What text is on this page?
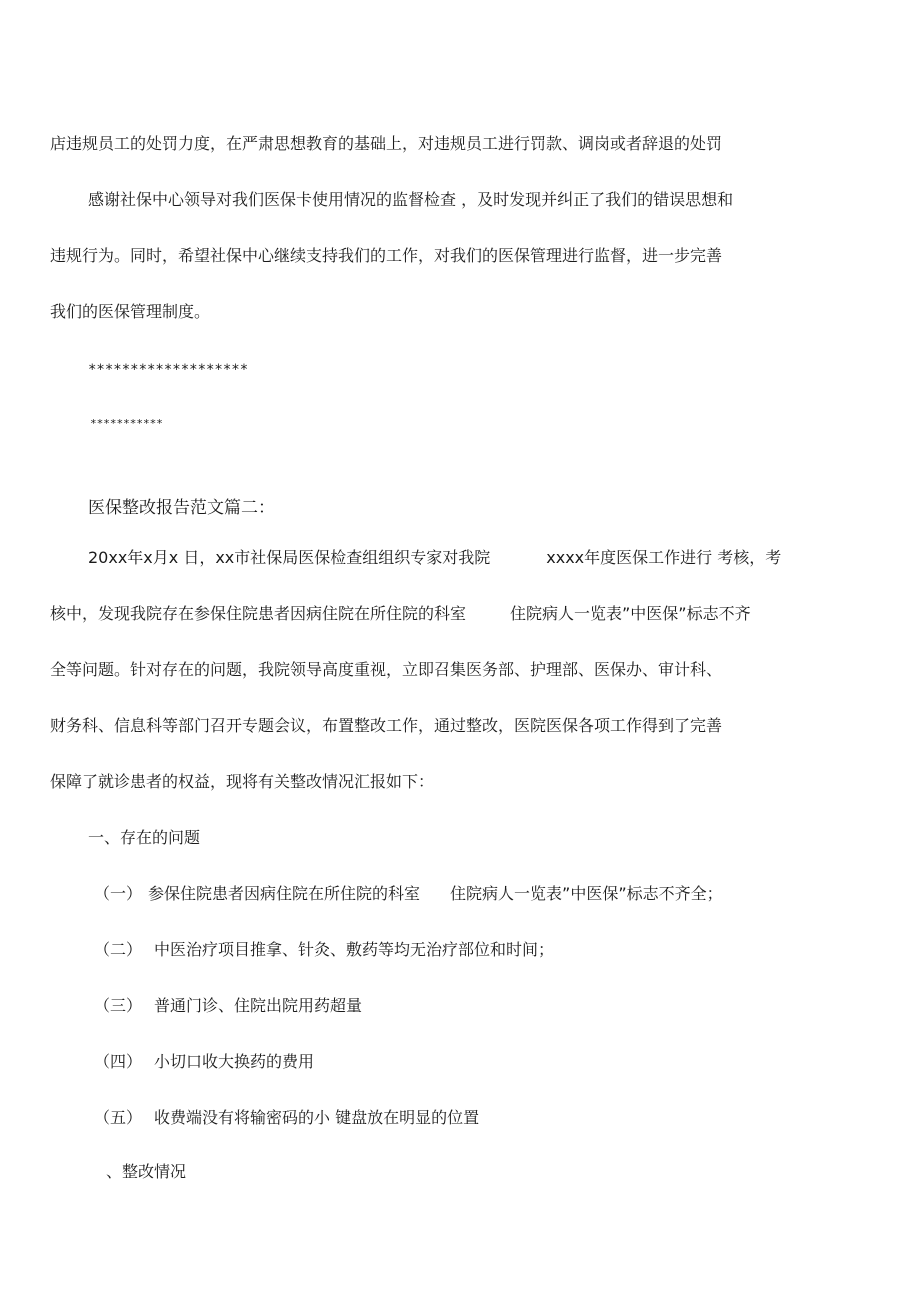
店违规员工的处罚力度，在严肃思想教育的基础上，对违规员工进行罚款、调岗或者辞退的处罚
感谢社保中心领导对我们医保卡使用情况的监督检查 ，及时发现并纠正了我们的错误思想和
违规行为。同时，希望社保中心继续支持我们的工作，对我们的医保管理进行监督，进一步完善
我们的医保管理制度。
*******************
***********
医保整改报告范文篇二：
20xx年x月x 日，xx市社保局医保检查组组织专家对我院	xxxx年度医保工作进行 考核，考
核中，发现我院存在参保住院患者因病住院在所住院的科室	住院病人一览表”中医保”标志不齐
全等问题。针对存在的问题，我院领导高度重视，立即召集医务部、护理部、医保办、审计科、
财务科、信息科等部门召开专题会议，布置整改工作，通过整改，医院医保各项工作得到了完善
保障了就诊患者的权益，现将有关整改情况汇报如下：
一、存在的问题
（一） 参保住院患者因病住院在所住院的科室 住院病人一览表”中医保”标志不齐全；
（二） 中医治疗项目推拿、针灸、敷药等均无治疗部位和时间；
（三） 普通门诊、住院出院用药超量
（四） 小切口收大换药的费用
（五） 收费端没有将输密码的小 键盘放在明显的位置
、整改情况
